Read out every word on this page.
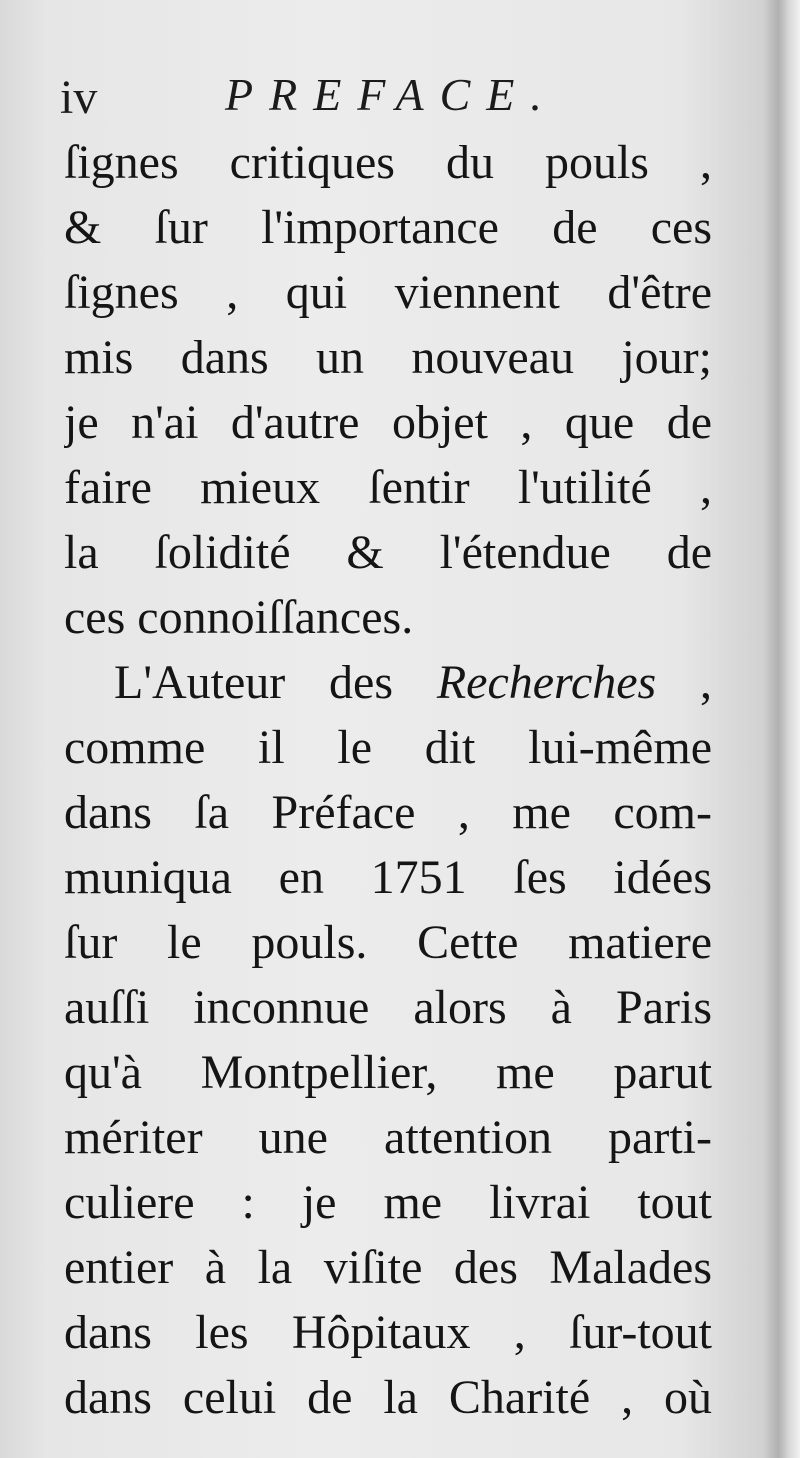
iv	PREFACE.
ſignes critiques du pouls ,
& ſur l'importance de ces
ſignes , qui viennent d'être
mis dans un nouveau jour;
je n'ai d'autre objet , que de
faire mieux ſentir l'utilité ,
la ſolidité & l'étendue de
ces connoiſſances.
L'Auteur des Recherches ,
comme il le dit lui-même
dans ſa Préface , me com-
muniqua en 1751 ſes idées
ſur le pouls. Cette matiere
auſſi inconnue alors à Paris
qu'à Montpellier, me parut
mériter une attention parti-
culiere : je me livrai tout
entier à la viſite des Malades
dans les Hôpitaux , ſur-tout
dans celui de la Charité , où
